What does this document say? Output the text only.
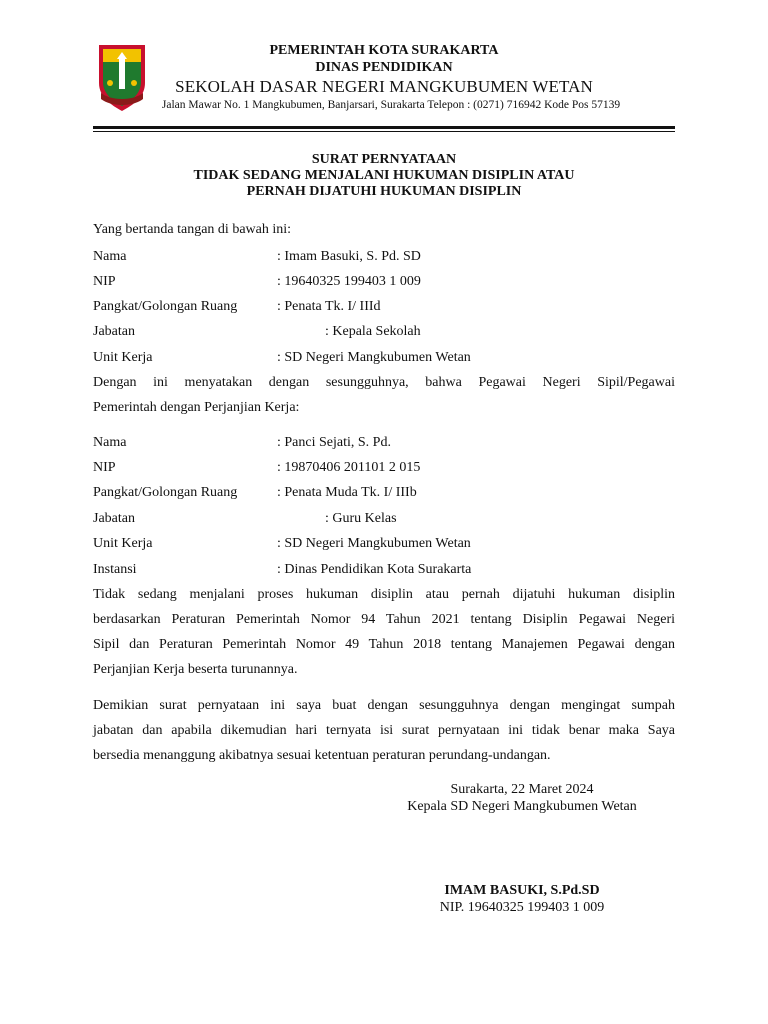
PEMERINTAH KOTA SURAKARTA
DINAS PENDIDIKAN
SEKOLAH DASAR NEGERI MANGKUBUMEN WETAN
Jalan Mawar No. 1 Mangkubumen, Banjarsari, Surakarta Telepon : (0271) 716942 Kode Pos 57139
SURAT PERNYATAAN
TIDAK SEDANG MENJALANI HUKUMAN DISIPLIN ATAU
PERNAH DIJATUHI HUKUMAN DISIPLIN
Yang bertanda tangan di bawah ini:
Nama	: Imam Basuki, S. Pd. SD
NIP	: 19640325 199403 1 009
Pangkat/Golongan Ruang	: Penata Tk. I/ IIId
Jabatan	: Kepala Sekolah
Unit Kerja	: SD Negeri Mangkubumen Wetan
Dengan ini menyatakan dengan sesungguhnya, bahwa Pegawai Negeri Sipil/Pegawai
Pemerintah dengan Perjanjian Kerja:
Nama	: Panci Sejati, S. Pd.
NIP	: 19870406 201101 2 015
Pangkat/Golongan Ruang	: Penata Muda Tk. I/ IIIb
Jabatan	: Guru Kelas
Unit Kerja	: SD Negeri Mangkubumen Wetan
Instansi	: Dinas Pendidikan Kota Surakarta
Tidak sedang menjalani proses hukuman disiplin atau pernah dijatuhi hukuman disiplin
berdasarkan Peraturan Pemerintah Nomor 94 Tahun 2021 tentang Disiplin Pegawai Negeri
Sipil dan Peraturan Pemerintah Nomor 49 Tahun 2018 tentang Manajemen Pegawai dengan
Perjanjian Kerja beserta turunannya.
Demikian surat pernyataan ini saya buat dengan sesungguhnya dengan mengingat sumpah
jabatan dan apabila dikemudian hari ternyata isi surat pernyataan ini tidak benar maka Saya
bersedia menanggung akibatnya sesuai ketentuan peraturan perundang-undangan.
Surakarta, 22 Maret 2024
Kepala SD Negeri Mangkubumen Wetan
IMAM BASUKI, S.Pd.SD
NIP. 19640325 199403 1 009
